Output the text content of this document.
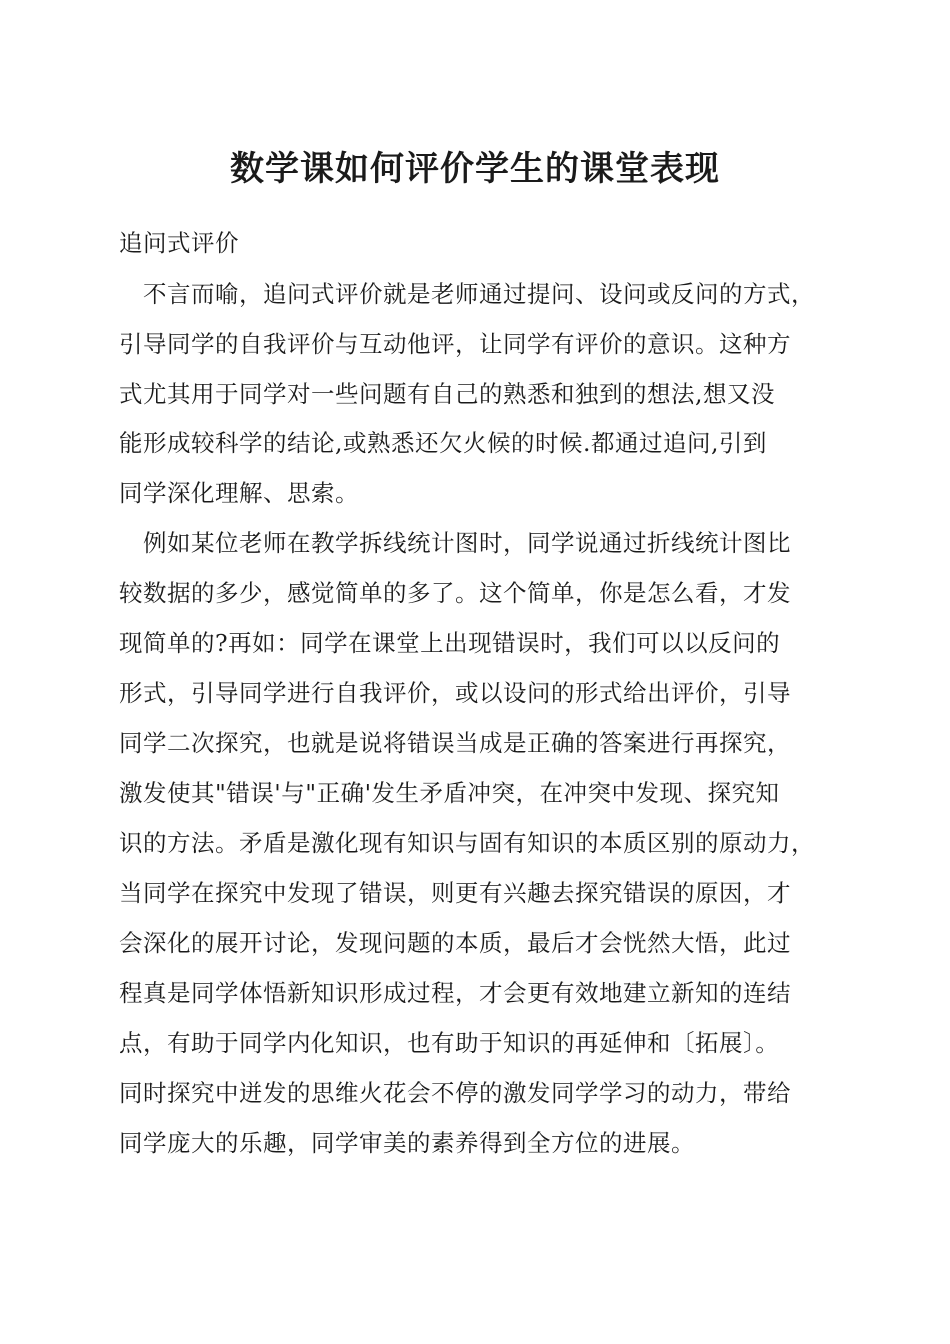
数学课如何评价学生的课堂表现
追问式评价
　不言而喻，追问式评价就是老师通过提问、设问或反问的方式，
引导同学的自我评价与互动他评，让同学有评价的意识。这种方
式尤其用于同学对一些问题有自己的熟悉和独到的想法,想又没
能形成较科学的结论,或熟悉还欠火候的时候.都通过追问,引到
同学深化理解、思索。
　例如某位老师在教学拆线统计图时，同学说通过折线统计图比
较数据的多少，感觉简单的多了。这个简单，你是怎么看，才发
现简单的?再如：同学在课堂上出现错误时，我们可以以反问的
形式，引导同学进行自我评价，或以设问的形式给出评价，引导
同学二次探究，也就是说将错误当成是正确的答案进行再探究，
激发使其"错误'与"正确'发生矛盾冲突，在冲突中发现、探究知
识的方法。矛盾是激化现有知识与固有知识的本质区别的原动力，
当同学在探究中发现了错误，则更有兴趣去探究错误的原因，才
会深化的展开讨论，发现问题的本质，最后才会恍然大悟，此过
程真是同学体悟新知识形成过程，才会更有效地建立新知的连结
点，有助于同学内化知识，也有助于知识的再延伸和〔拓展〕。
同时探究中迸发的思维火花会不停的激发同学学习的动力，带给
同学庞大的乐趣，同学审美的素养得到全方位的进展。
